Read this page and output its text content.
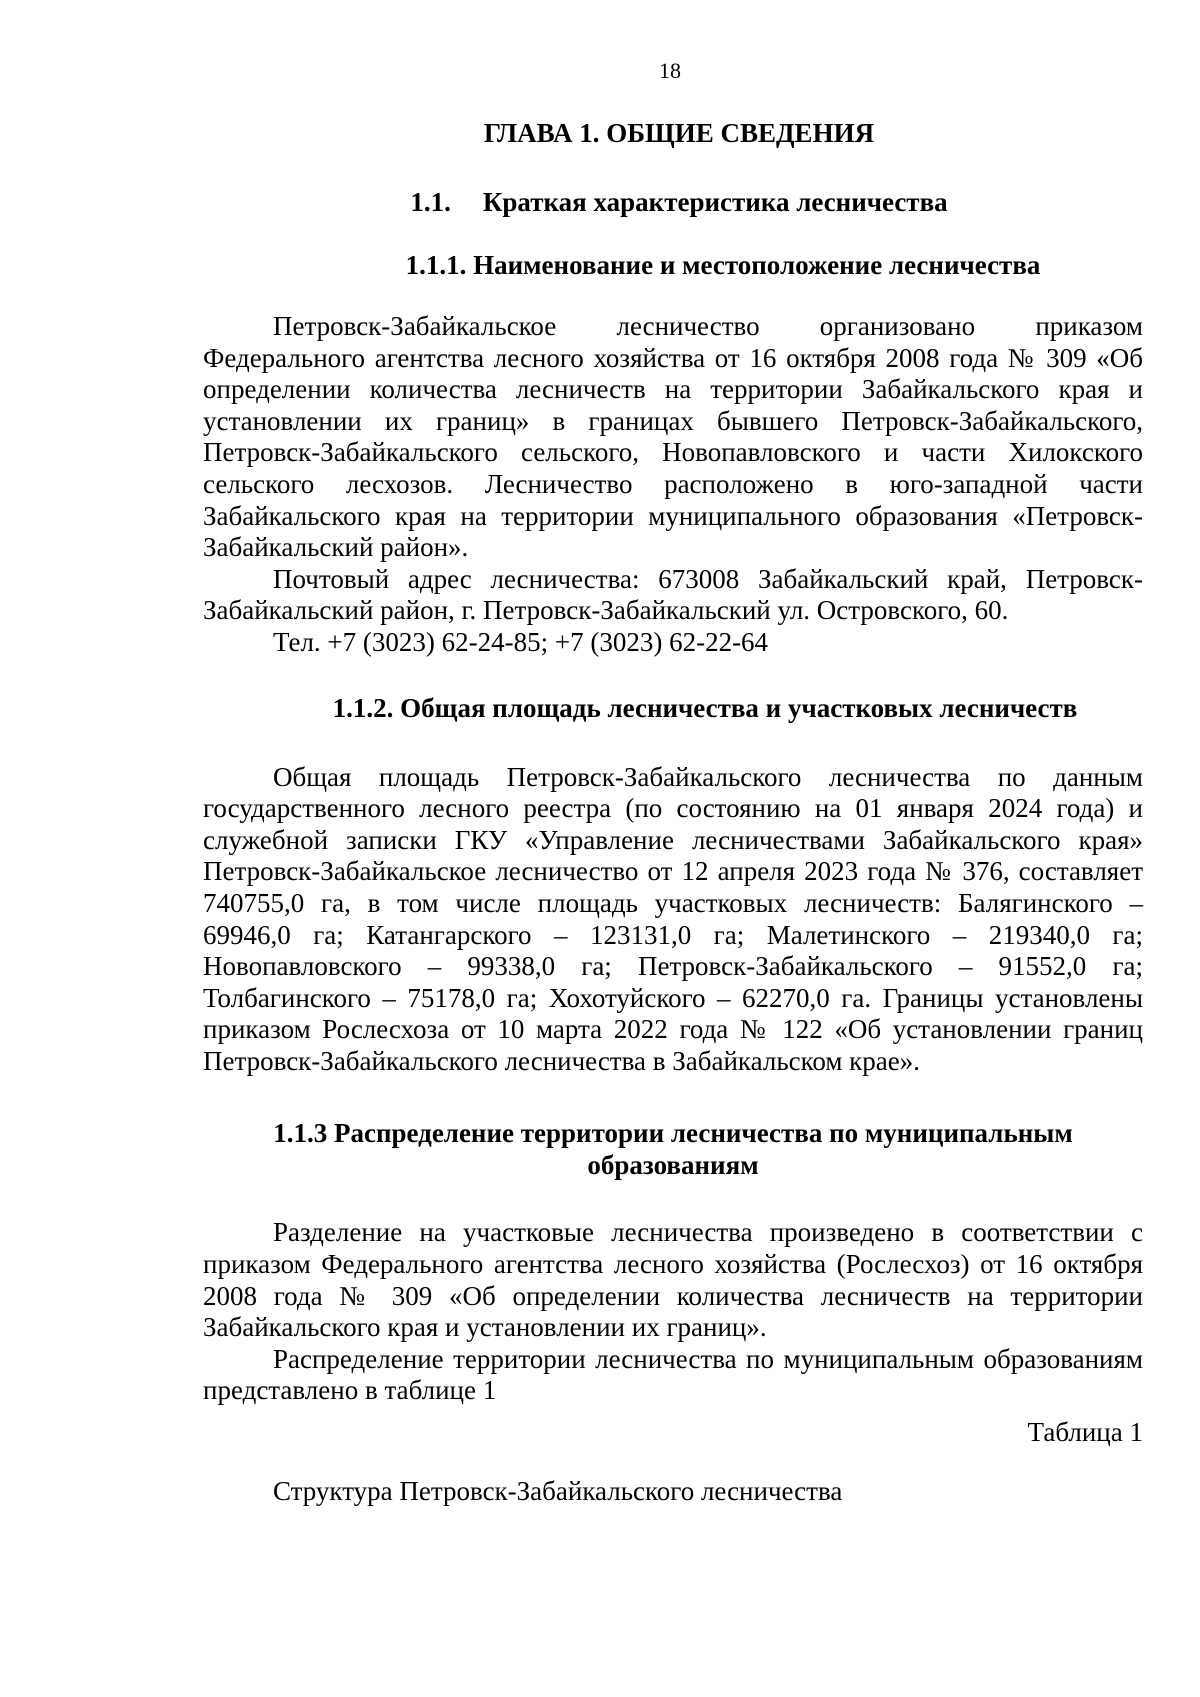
18
ГЛАВА 1. ОБЩИЕ СВЕДЕНИЯ
1.1. Краткая характеристика лесничества
1.1.1. Наименование и местоположение лесничества

Петровск-Забайкальское лесничество организовано приказом Федерального агентства лесного хозяйства от 16 октября 2008 года № 309 «Об определении количества лесничеств на территории Забайкальского края и установлении их границ» в границах бывшего Петровск-Забайкальского, Петровск-Забайкальского сельского, Новопавловского и части Хилокского сельского лесхозов. Лесничество расположено в юго-западной части Забайкальского края на территории муниципального образования «Петровск-Забайкальский район».

Почтовый адрес лесничества: 673008 Забайкальский край, Петровск-Забайкальский район, г. Петровск-Забайкальский ул. Островского, 60.

Тел. +7 (3023) 62-24-85; +7 (3023) 62-22-64

1.1.2. Общая площадь лесничества и участковых лесничеств

Общая площадь Петровск-Забайкальского лесничества по данным государственного лесного реестра (по состоянию на 01 января 2024 года) и служебной записки ГКУ «Управление лесничествами Забайкальского края» Петровск-Забайкальское лесничество от 12 апреля 2023 года № 376, составляет 740755,0 га, в том числе площадь участковых лесничеств: Балягинского – 69946,0 га; Катангарского – 123131,0 га; Малетинского – 219340,0 га; Новопавловского – 99338,0 га; Петровск-Забайкальского – 91552,0 га; Толбагинского – 75178,0 га; Хохотуйского – 62270,0 га. Границы установлены приказом Рослесхоза от 10 марта 2022 года № 122 «Об установлении границ Петровск-Забайкальского лесничества в Забайкальском крае».

1.1.3 Распределение территории лесничества по муниципальным
образованиям

Разделение на участковые лесничества произведено в соответствии с приказом Федерального агентства лесного хозяйства (Рослесхоз) от 16 октября 2008 года № 309 «Об определении количества лесничеств на территории Забайкальского края и установлении их границ».

Распределение территории лесничества по муниципальным образованиям представлено в таблице 1

Таблица 1
Структура Петровск-Забайкальского лесничества
